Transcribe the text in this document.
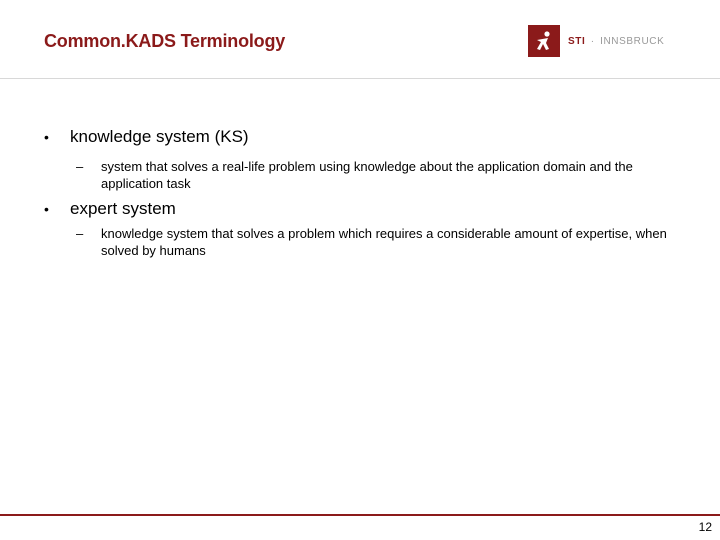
Common.KADS Terminology	STI · INNSBRUCK
•	knowledge system (KS)
–	system that solves a real-life problem using knowledge about the application domain and the application task
•	expert system
–	knowledge system that solves a problem which requires a considerable amount of expertise, when solved by humans
12
